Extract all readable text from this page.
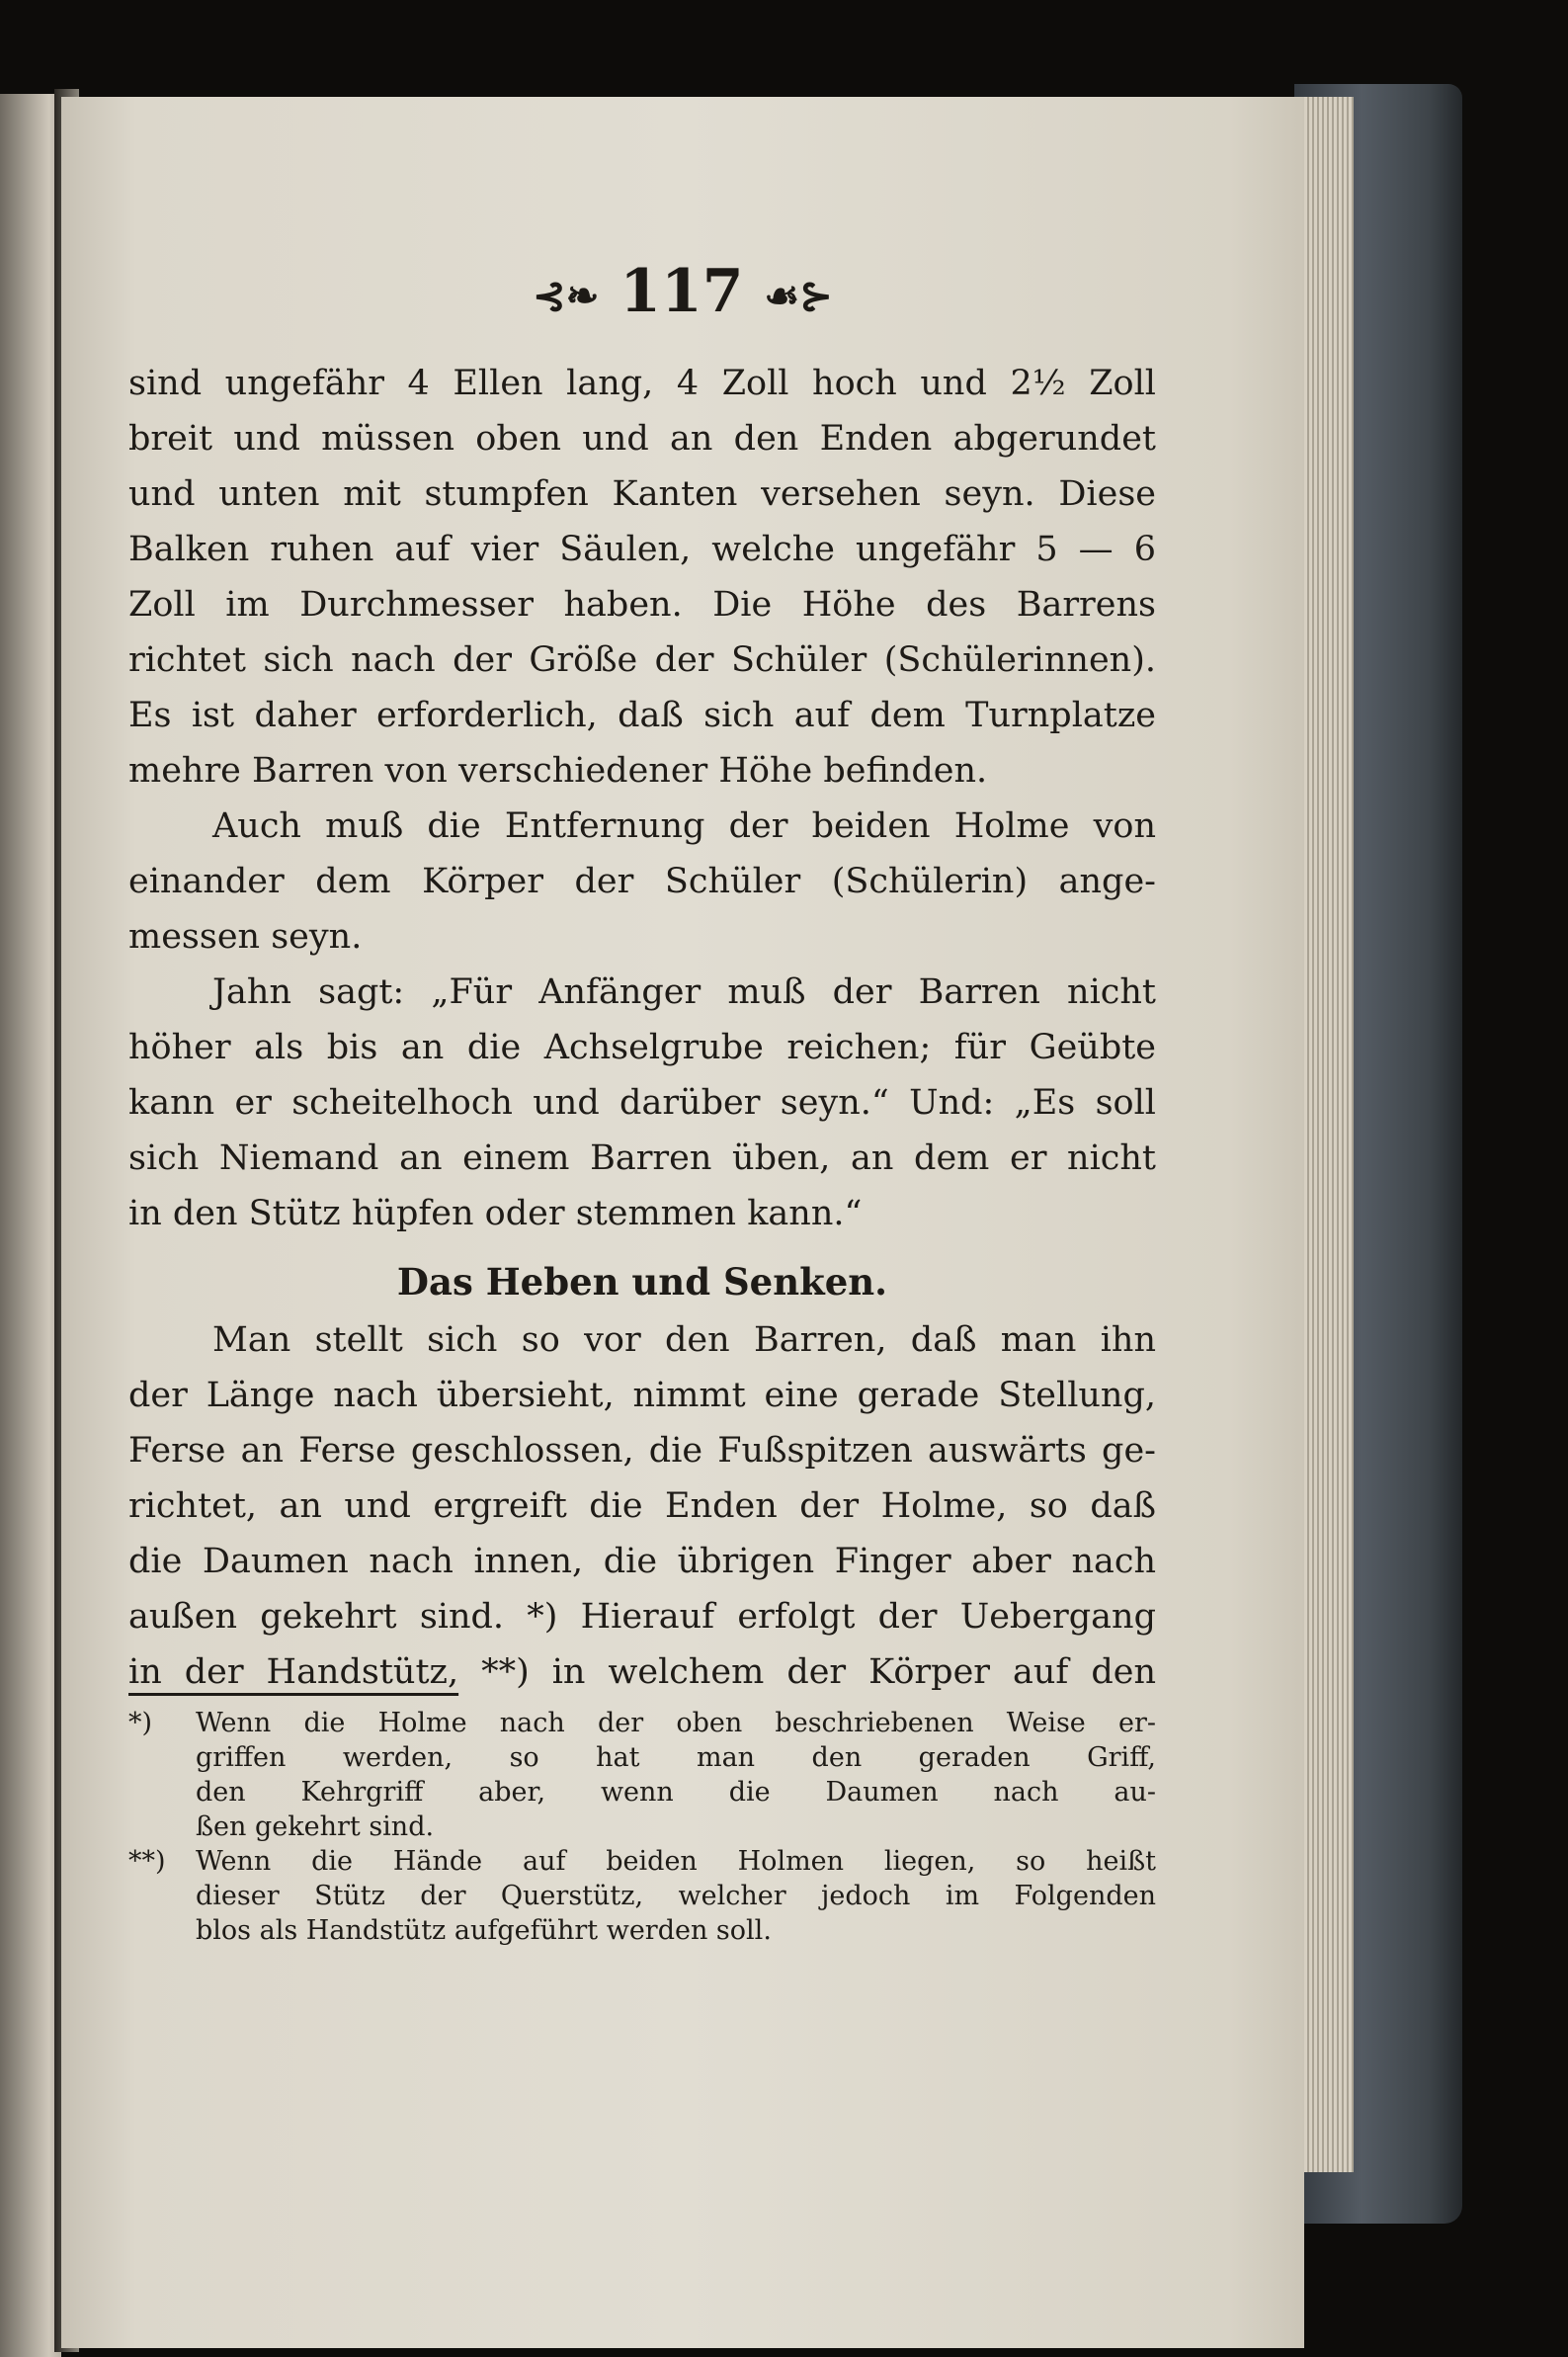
⊰❧ 117 ☙⊱
sind ungefähr 4 Ellen lang, 4 Zoll hoch und 2½ Zoll
breit und müssen oben und an den Enden abgerundet
und unten mit stumpfen Kanten versehen seyn. Diese
Balken ruhen auf vier Säulen, welche ungefähr 5 — 6
Zoll im Durchmesser haben. Die Höhe des Barrens
richtet sich nach der Größe der Schüler (Schülerinnen).
Es ist daher erforderlich, daß sich auf dem Turnplatze
mehre Barren von verschiedener Höhe befinden.
Auch muß die Entfernung der beiden Holme von
einander dem Körper der Schüler (Schülerin) ange-
messen seyn.
Jahn sagt: „Für Anfänger muß der Barren nicht
höher als bis an die Achselgrube reichen; für Geübte
kann er scheitelhoch und darüber seyn.“ Und: „Es soll
sich Niemand an einem Barren üben, an dem er nicht
in den Stütz hüpfen oder stemmen kann.“
Das Heben und Senken.
Man stellt sich so vor den Barren, daß man ihn
der Länge nach übersieht, nimmt eine gerade Stellung,
Ferse an Ferse geschlossen, die Fußspitzen auswärts ge-
richtet, an und ergreift die Enden der Holme, so daß
die Daumen nach innen, die übrigen Finger aber nach
außen gekehrt sind. *) Hierauf erfolgt der Uebergang
in der Handstütz, **) in welchem der Körper auf den
*) Wenn die Holme nach der oben beschriebenen Weise er-
griffen werden, so hat man den geraden Griff,
den Kehrgriff aber, wenn die Daumen nach au-
ßen gekehrt sind.
**) Wenn die Hände auf beiden Holmen liegen, so heißt
dieser Stütz der Querstütz, welcher jedoch im Folgenden
blos als Handstütz aufgeführt werden soll.
